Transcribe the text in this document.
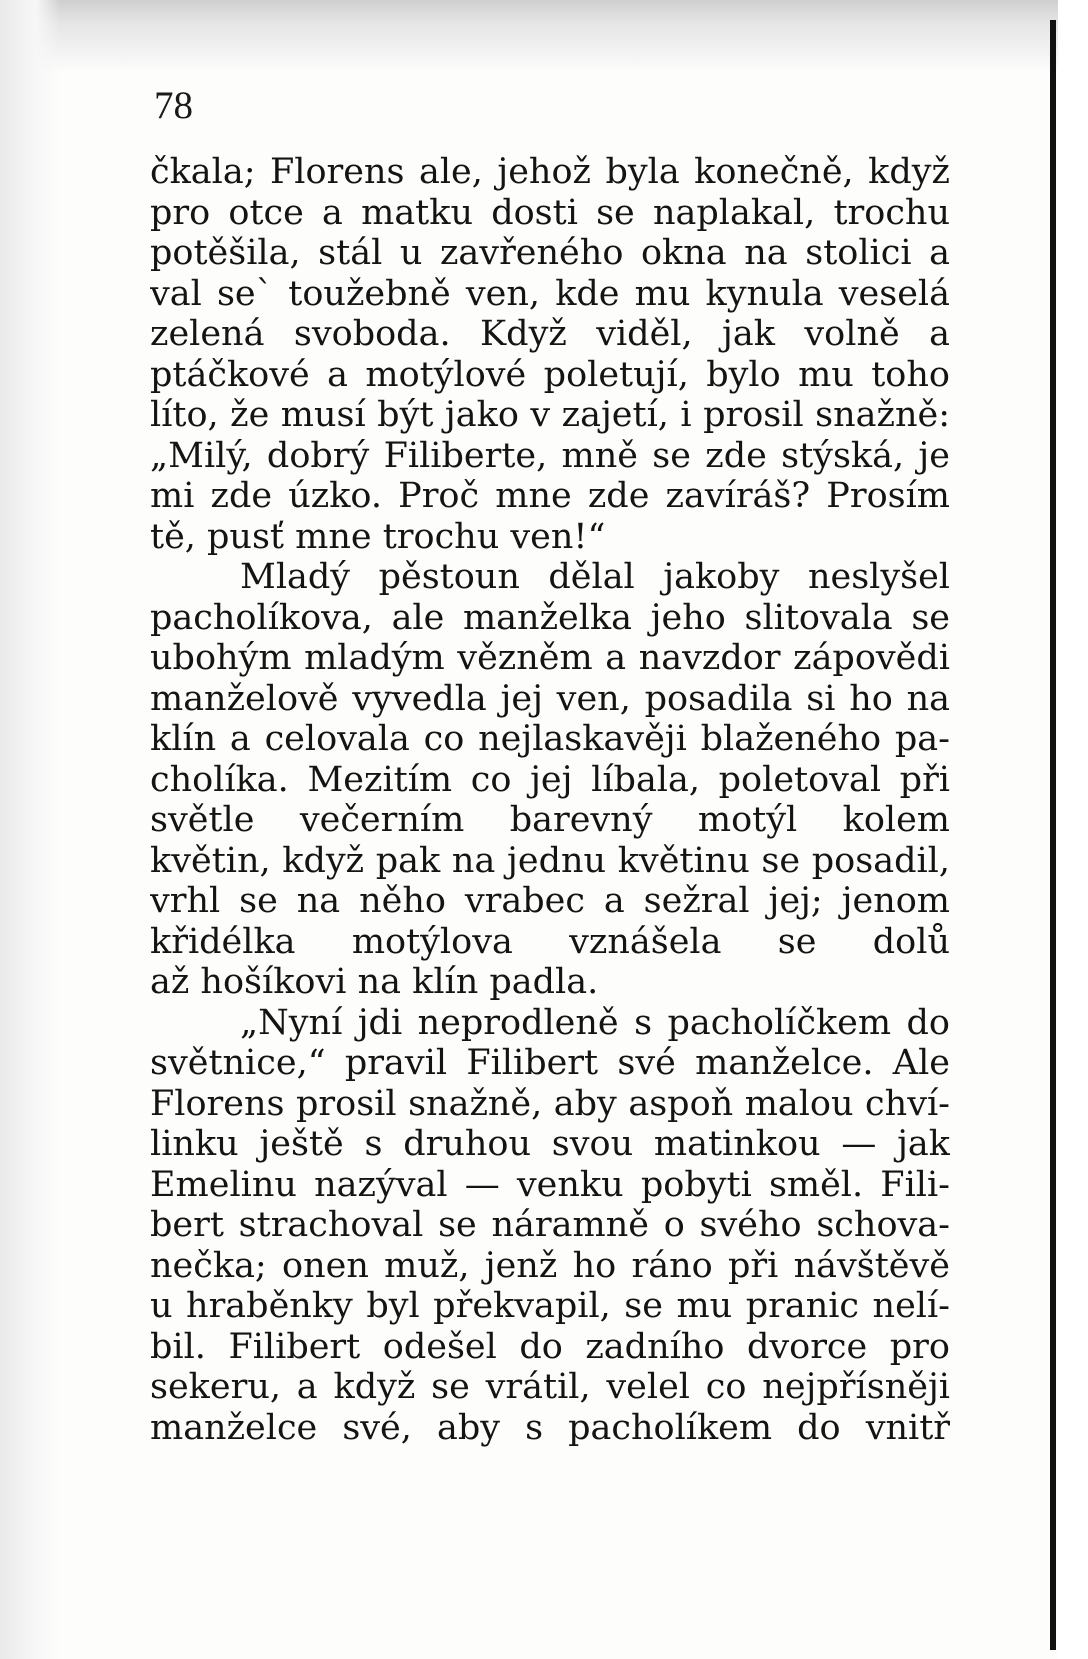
78
čkala; Florens ale, jehož byla konečně, když
pro otce a matku dosti se naplakal, trochu
potěšila, stál u zavřeného okna na stolici a
val se` toužebně ven, kde mu kynula veselá
zelená svoboda. Když viděl, jak volně a
ptáčkové a motýlové poletují, bylo mu toho
líto, že musí být jako v zajetí, i prosil snažně:
„Milý, dobrý Filiberte, mně se zde stýská, je
mi zde úzko. Proč mne zde zavíráš? Prosím
tě, pusť mne trochu ven!“
Mladý pěstoun dělal jakoby neslyšel
pacholíkova, ale manželka jeho slitovala se
ubohým mladým vězněm a navzdor zápovědi
manželově vyvedla jej ven, posadila si ho na
klín a celovala co nejlaskavěji blaženého pa-
cholíka. Mezitím co jej líbala, poletoval při
světle večerním barevný motýl kolem
květin, když pak na jednu květinu se posadil,
vrhl se na něho vrabec a sežral jej; jenom
křidélka motýlova vznášela se dolů
až hošíkovi na klín padla.
„Nyní jdi neprodleně s pacholíčkem do
světnice,“ pravil Filibert své manželce. Ale
Florens prosil snažně, aby aspoň malou chví-
linku ještě s druhou svou matinkou — jak
Emelinu nazýval — venku pobyti směl. Fili-
bert strachoval se náramně o svého schova-
nečka; onen muž, jenž ho ráno při návštěvě
u hraběnky byl překvapil, se mu pranic nelí-
bil. Filibert odešel do zadního dvorce pro
sekeru, a když se vrátil, velel co nejpřísněji
manželce své, aby s pacholíkem do vnitř
